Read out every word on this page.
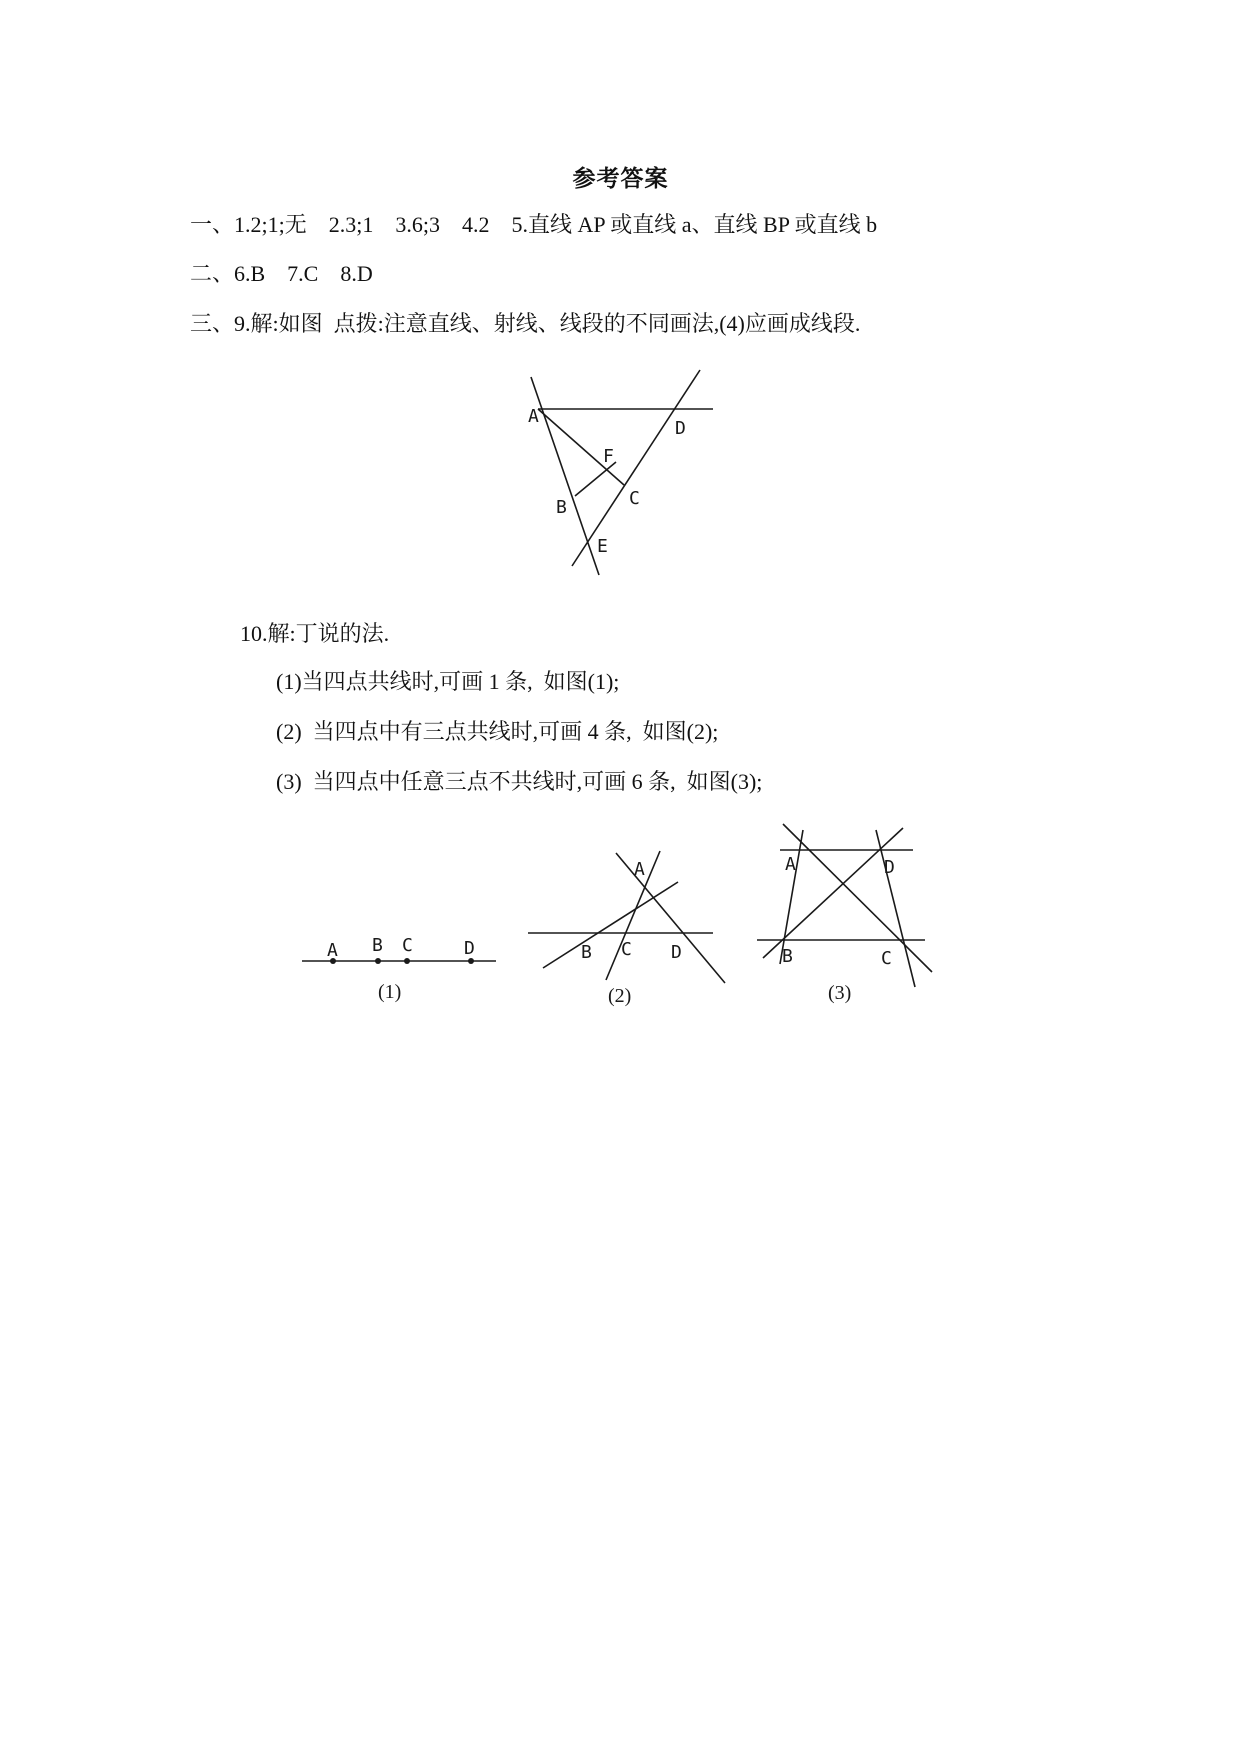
参考答案
一、1.2;1;无    2.3;1    3.6;3    4.2    5.直线 AP 或直线 a、直线 BP 或直线 b
二、6.B    7.C    8.D
三、9.解:如图  点拨:注意直线、射线、线段的不同画法,(4)应画成线段.
A
D
F
C
B
E
10.解:丁说的法.
(1)当四点共线时,可画 1 条,  如图(1);
(2)  当四点中有三点共线时,可画 4 条,  如图(2);
(3)  当四点中任意三点不共线时,可画 6 条,  如图(3);
A B C	D
(1)
A
B C D
(2)
A	D
B	C
(3)
